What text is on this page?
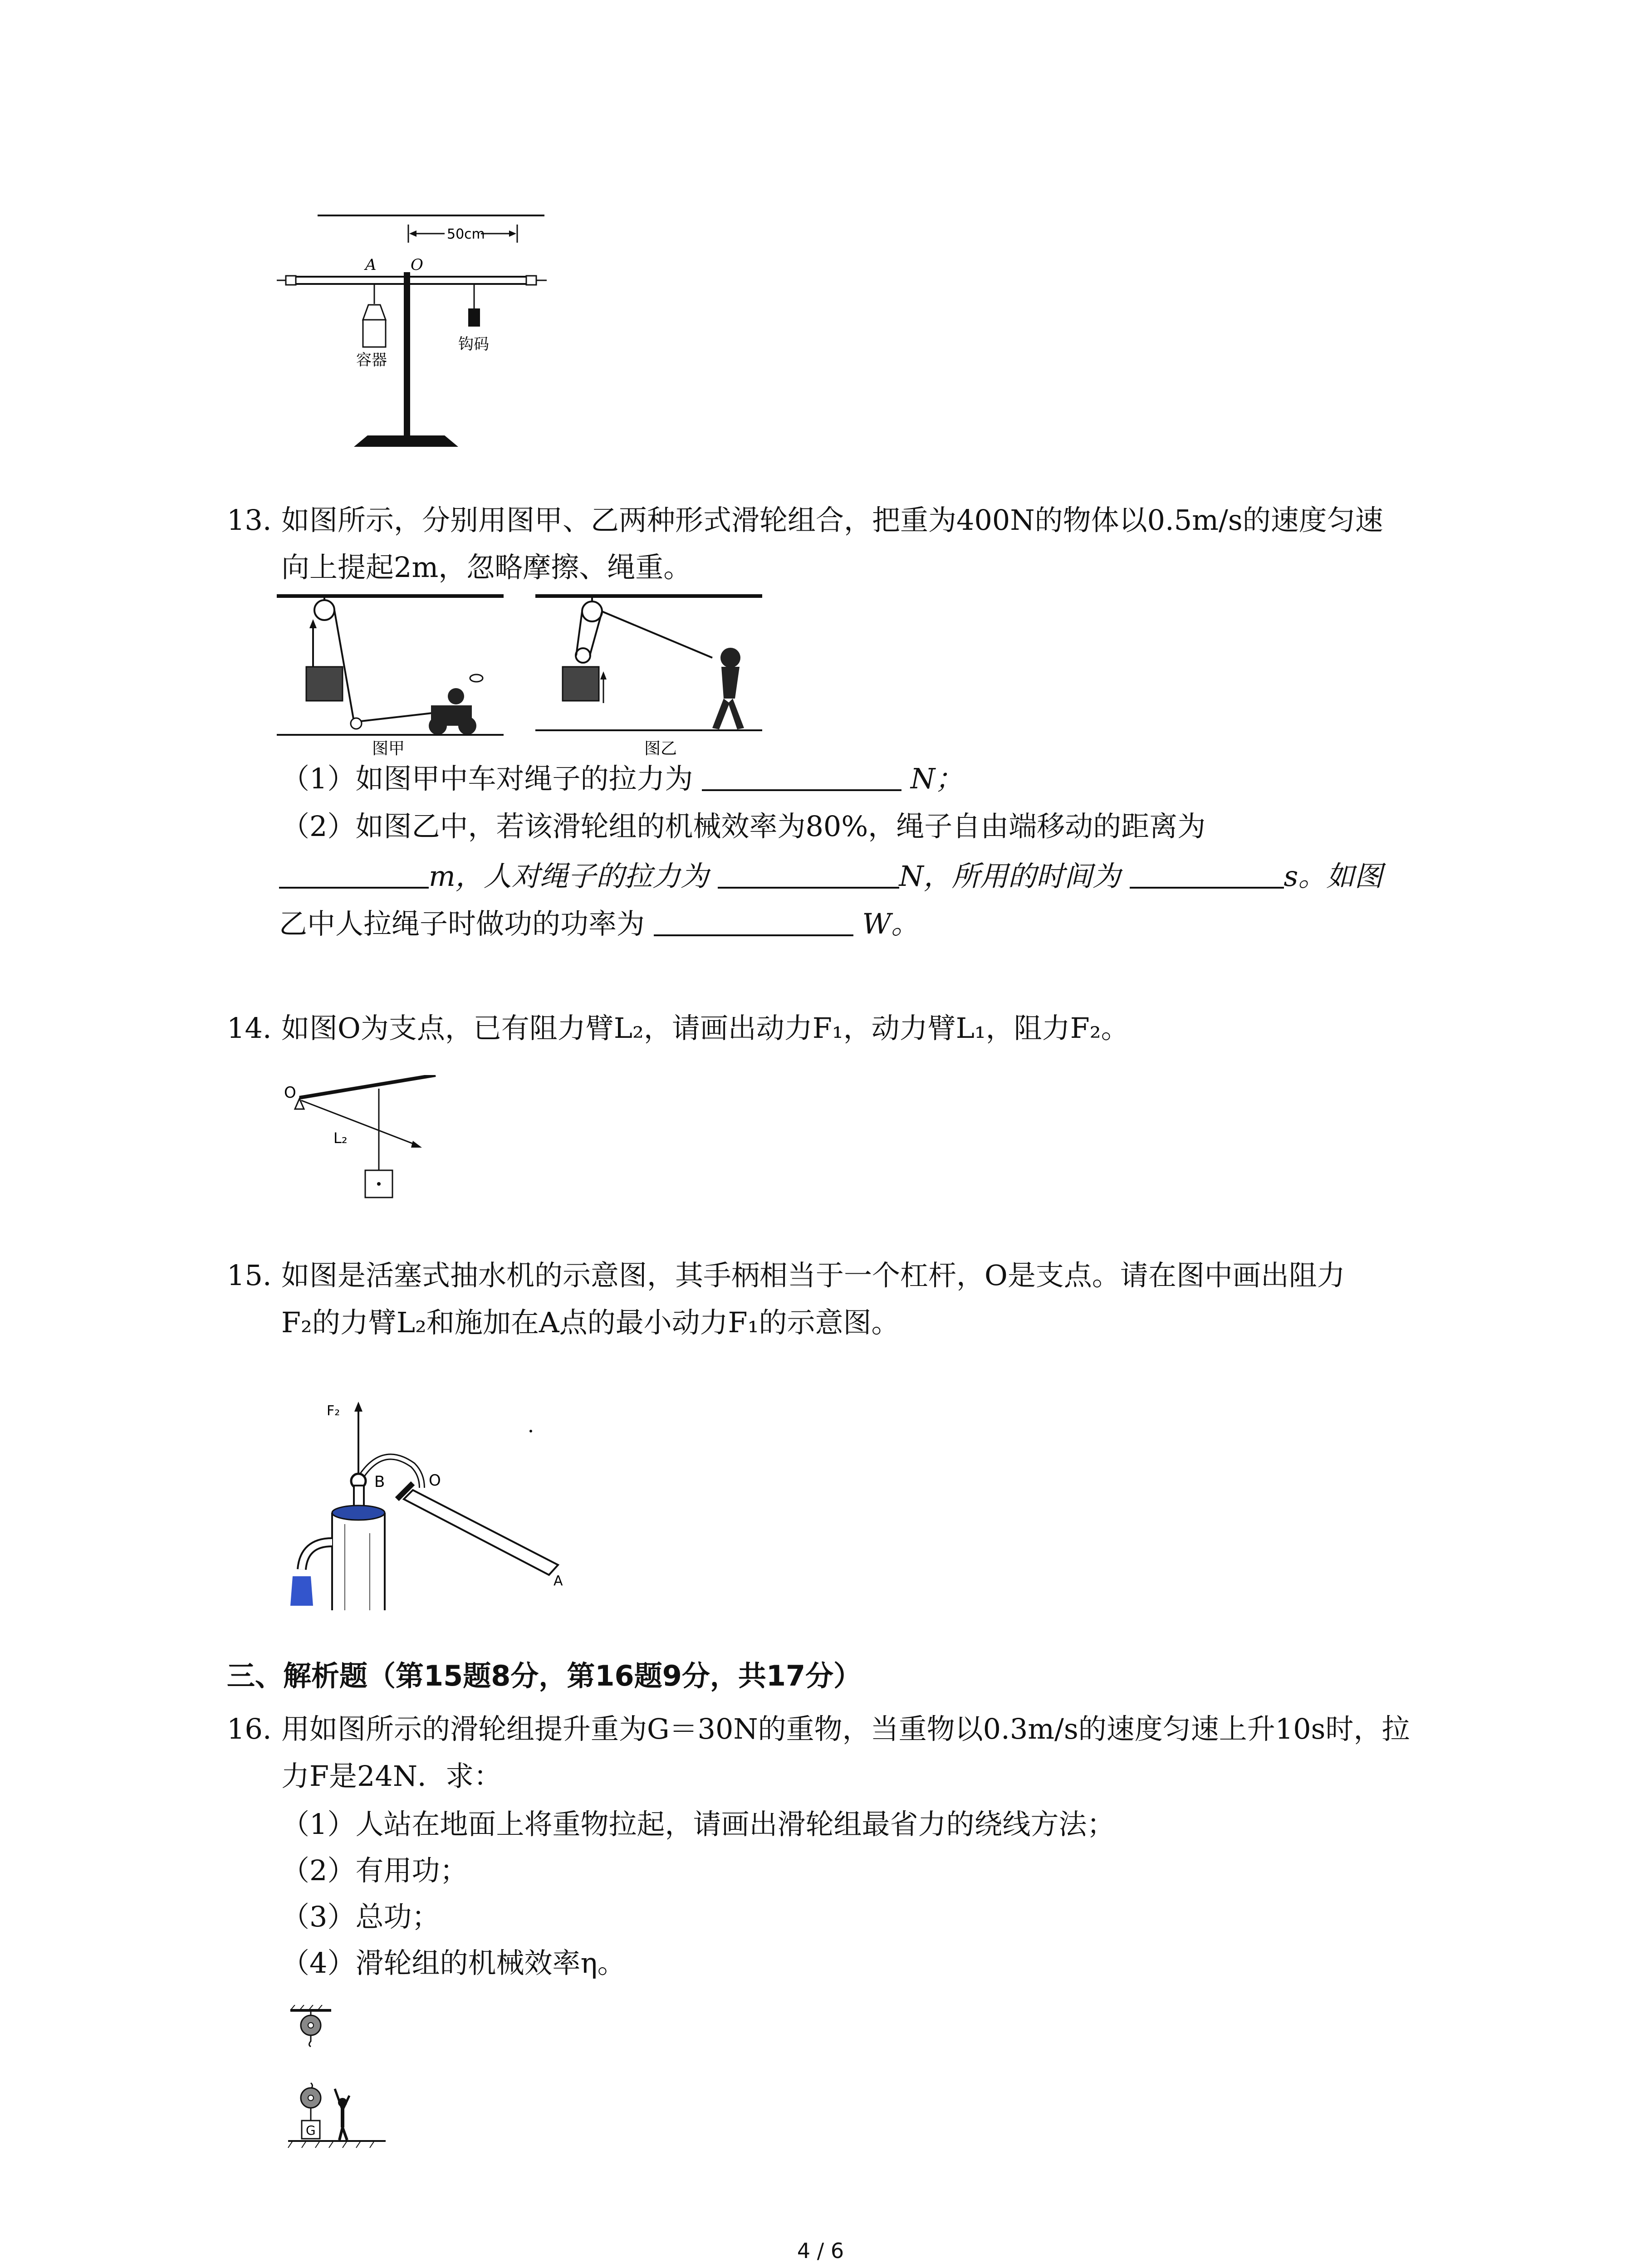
50cm
A O
容器
钩码
13. 如图所示，分别用图甲、乙两种形式滑轮组合，把重为400N的物体以0.5m/s的速度匀速
向上提起2m，忽略摩擦、绳重。
图甲	图乙
（1）如图甲中车对绳子的拉力为	N；
（2）如图乙中，若该滑轮组的机械效率为80%，绳子自由端移动的距离为
m，人对绳子的拉力为	N，所用的时间为	s。如图
乙中人拉绳子时做功的功率为	W。
14. 如图O为支点，已有阻力臂L₂，请画出动力F₁，动力臂L₁，阻力F₂。
O
L₂
15. 如图是活塞式抽水机的示意图，其手柄相当于一个杠杆，O是支点。请在图中画出阻力
F₂的力臂L₂和施加在A点的最小动力F₁的示意图。
F₂
B	O
A
三、解析题（第15题8分，第16题9分，共17分）
16. 用如图所示的滑轮组提升重为G＝30N的重物，当重物以0.3m/s的速度匀速上升10s时，拉
力F是24N．求：
（1）人站在地面上将重物拉起，请画出滑轮组最省力的绕线方法；
（2）有用功；
（3）总功；
（4）滑轮组的机械效率η。
G
4 / 6
